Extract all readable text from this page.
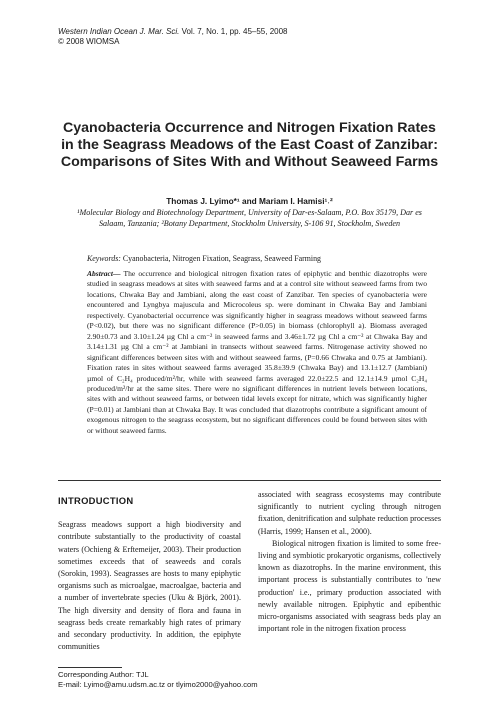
Western Indian Ocean J. Mar. Sci. Vol. 7, No. 1, pp. 45–55, 2008
© 2008 WIOMSA
Cyanobacteria Occurrence and Nitrogen Fixation Rates
in the Seagrass Meadows of the East Coast of Zanzibar:
Comparisons of Sites With and Without Seaweed Farms
Thomas J. Lyimo*¹ and Mariam I. Hamisi¹˒²
¹Molecular Biology and Biotechnology Department, University of Dar-es-Salaam, P.O. Box 35179, Dar es
Salaam, Tanzania; ²Botany Department, Stockholm University, S-106 91, Stockholm, Sweden
Keywords: Cyanobacteria, Nitrogen Fixation, Seagrass, Seaweed Farming
Abstract— The occurrence and biological nitrogen fixation rates of epiphytic and benthic diazotrophs were studied in seagrass meadows at sites with seaweed farms and at a control site without seaweed farms from two locations, Chwaka Bay and Jambiani, along the east coast of Zanzibar. Ten species of cyanobacteria were encountered and Lyngbya majuscula and Microcoleus sp. were dominant in Chwaka Bay and Jambiani respectively. Cyanobacterial occurrence was significantly higher in seagrass meadows without seaweed farms (P<0.02), but there was no significant difference (P>0.05) in biomass (chlorophyll a). Biomass averaged 2.90±0.73 and 3.10±1.24 µg Chl a cm⁻² in seaweed farms and 3.46±1.72 µg Chl a cm⁻² at Chwaka Bay and 3.14±1.31 µg Chl a cm⁻² at Jambiani in transects without seaweed farms. Nitrogenase activity showed no significant differences between sites with and without seaweed farms, (P=0.66 Chwaka and 0.75 at Jambiani). Fixation rates in sites without seaweed farms averaged 35.8±39.9 (Chwaka Bay) and 13.1±12.7 (Jambiani) µmol of C₂H₄ produced/m²/hr, while with seaweed farms averaged 22.0±22.5 and 12.1±14.9 µmol C₂H₄ produced/m²/hr at the same sites. There were no significant differences in nutrient levels between locations, sites with and without seaweed farms, or between tidal levels except for nitrate, which was significantly higher (P=0.01) at Jambiani than at Chwaka Bay. It was concluded that diazotrophs contribute a significant amount of exogenous nitrogen to the seagrass ecosystem, but no significant differences could be found between sites with or without seaweed farms.
INTRODUCTION
Seagrass meadows support a high biodiversity and contribute substantially to the productivity of coastal waters (Ochieng & Erftemeijer, 2003). Their production sometimes exceeds that of seaweeds and corals (Sorokin, 1993). Seagrasses are hosts to many epiphytic organisms such as microalgae, macroalgae, bacteria and a number of invertebrate species (Uku & Björk, 2001). The high diversity and density of flora and fauna in seagrass beds create remarkably high rates of primary and secondary productivity. In addition, the epiphyte communities
associated with seagrass ecosystems may contribute significantly to nutrient cycling through nitrogen fixation, denitrification and sulphate reduction processes (Harris, 1999; Hansen et al., 2000).
Biological nitrogen fixation is limited to some free-living and symbiotic prokaryotic organisms, collectively known as diazotrophs. In the marine environment, this important process is substantially contributes to 'new production' i.e., primary production associated with newly available nitrogen. Epiphytic and epibenthic micro-organisms associated with seagrass beds play an important role in the nitrogen fixation process
Corresponding Author: TJL
E-mail: Lyimo@amu.udsm.ac.tz or tlyimo2000@yahoo.com
